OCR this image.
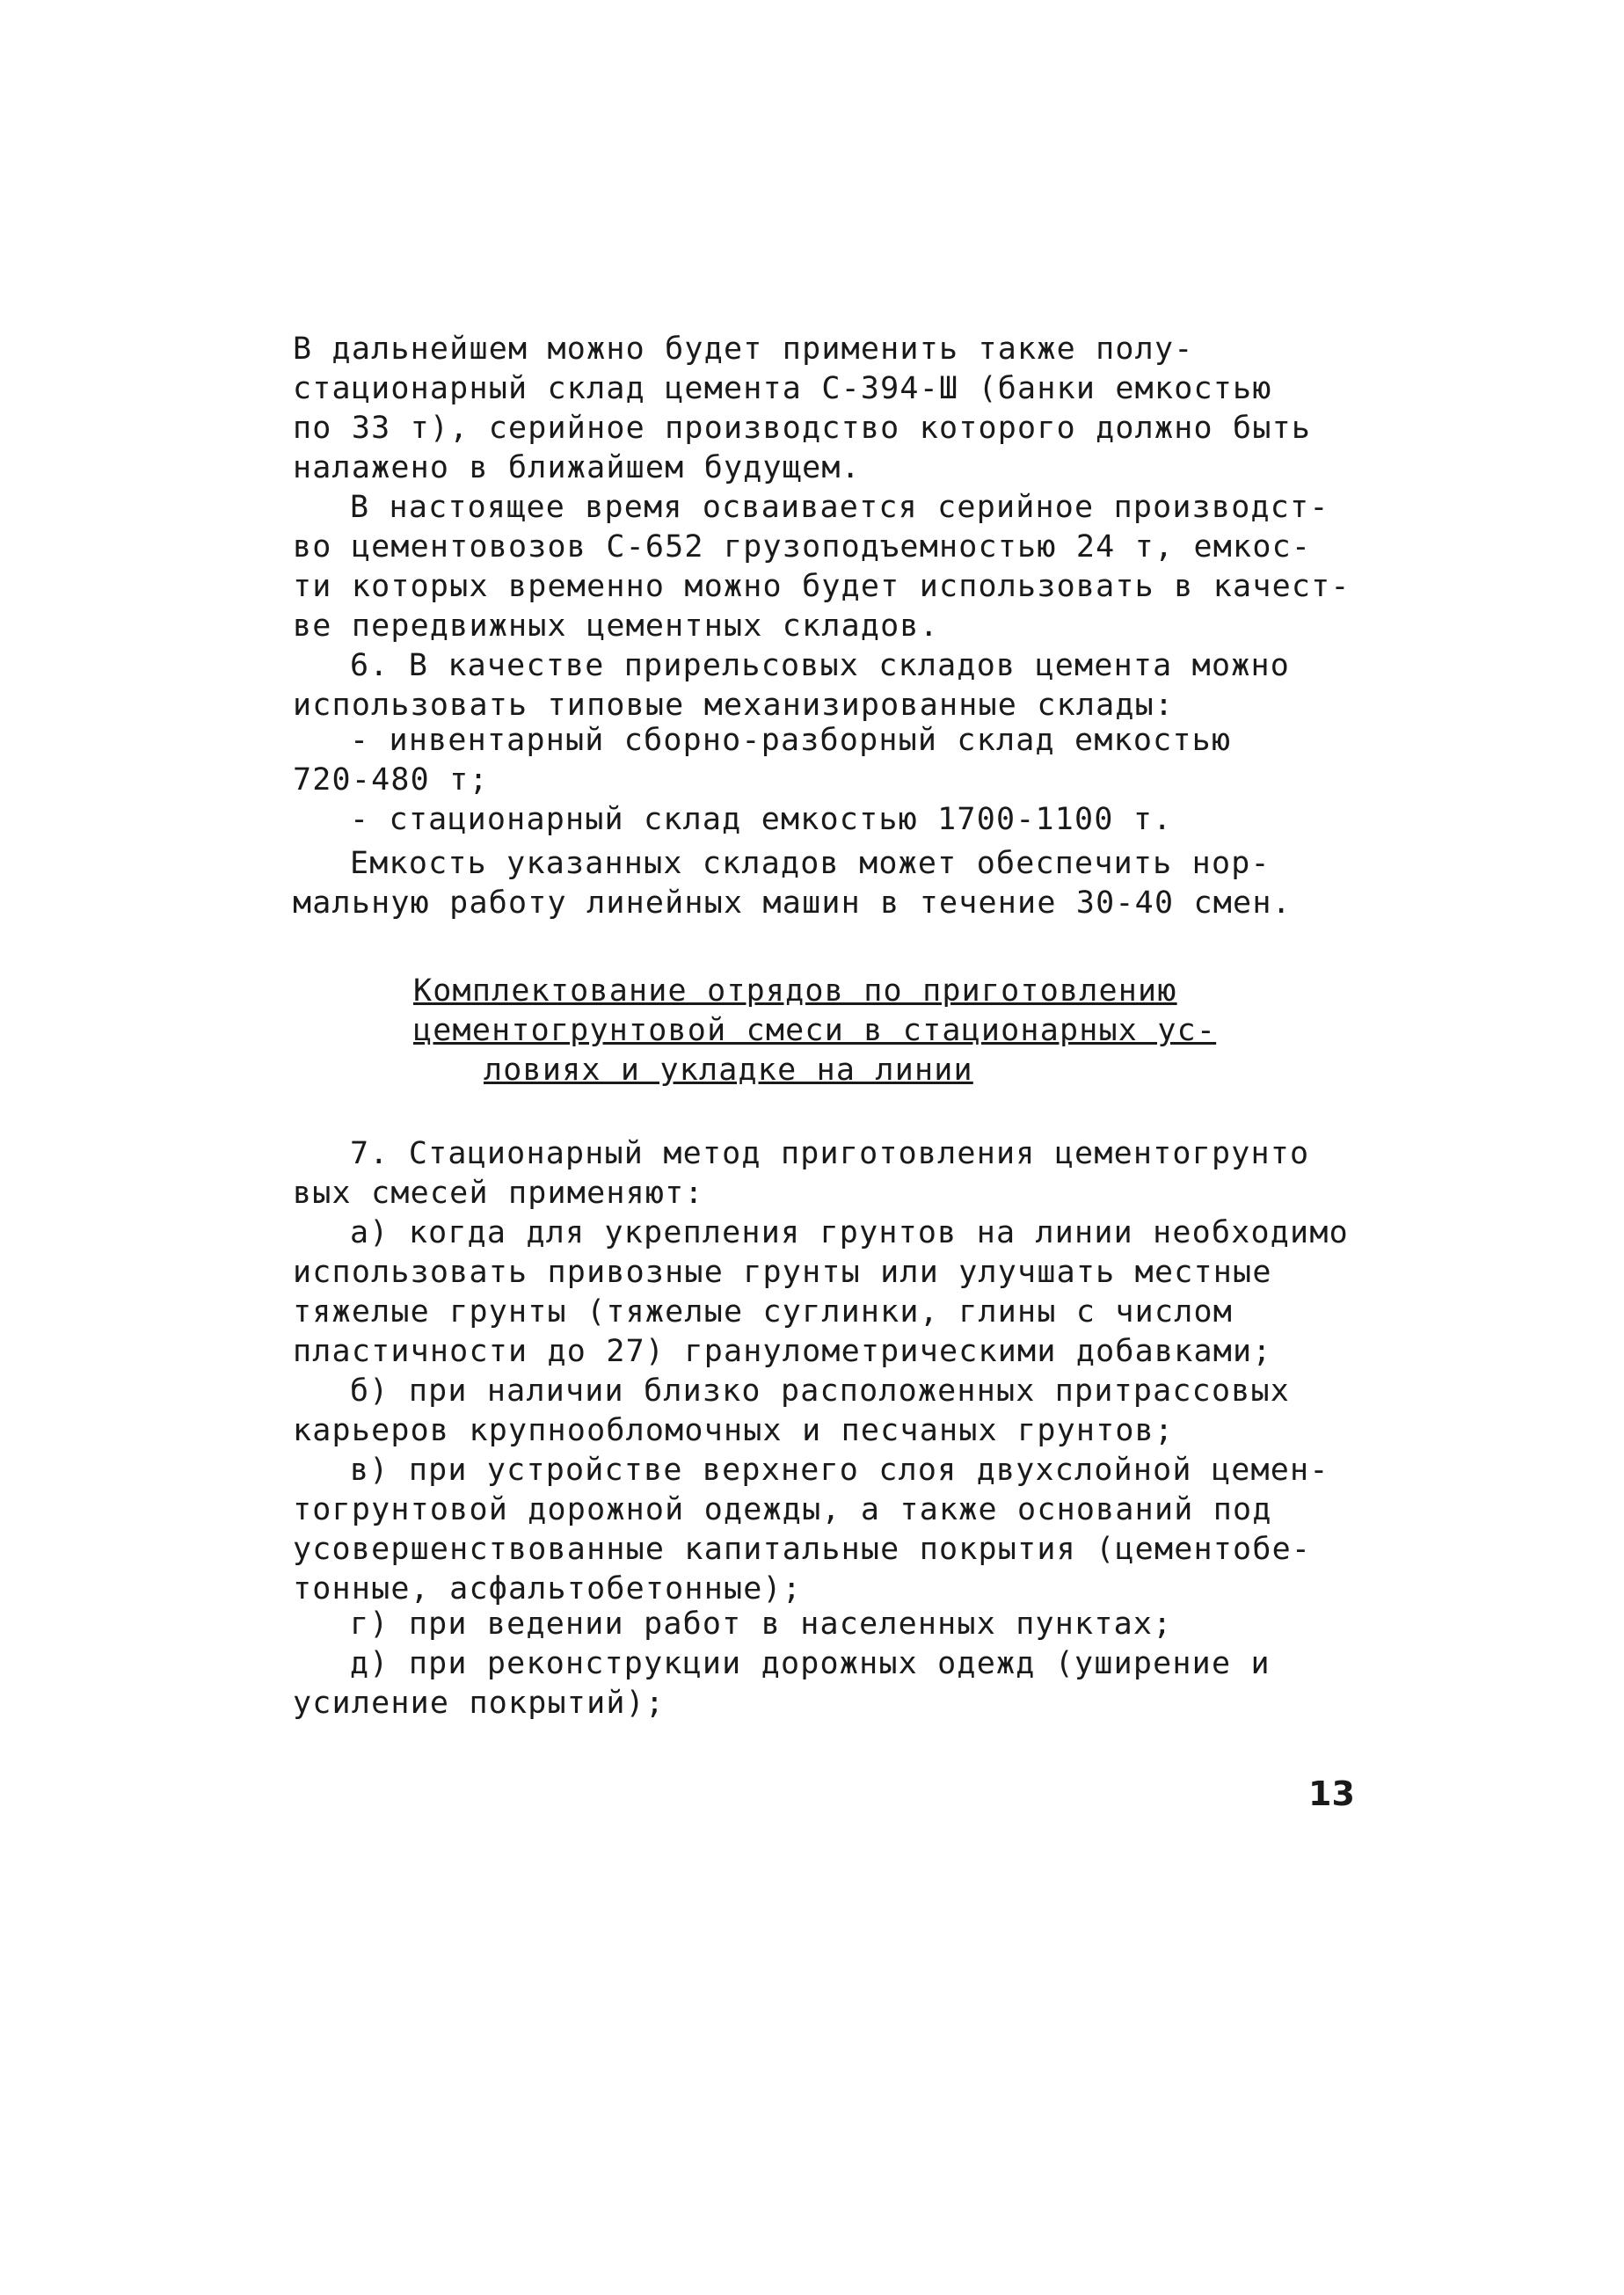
В дальнейшем можно будет применить также полу-
стационарный склад цемента С-394-Ш (банки емкостью
по 33 т), серийное производство которого должно быть
налажено в ближайшем будущем.
В настоящее время осваивается серийное производст-
во цементовозов С-652 грузоподъемностью 24 т, емкос-
ти которых временно можно будет использовать в качест-
ве передвижных цементных складов.
6. В качестве прирельсовых складов цемента можно
использовать типовые механизированные склады:
- инвентарный сборно-разборный склад емкостью
720-480 т;
- стационарный склад емкостью 1700-1100 т.
Емкость указанных складов может обеспечить нор-
мальную работу линейных машин в течение 30-40 смен.
Комплектование отрядов по приготовлению
цементогрунтовой смеси в стационарных ус-
ловиях и укладке на линии
7. Стационарный метод приготовления цементогрунто
вых смесей применяют:
а) когда для укрепления грунтов на линии необходимо
использовать привозные грунты или улучшать местные
тяжелые грунты (тяжелые суглинки, глины с числом
пластичности до 27) гранулометрическими добавками;
б) при наличии близко расположенных притрассовых
карьеров крупнообломочных и песчаных грунтов;
в) при устройстве верхнего слоя двухслойной цемен-
тогрунтовой дорожной одежды, а также оснований под
усовершенствованные капитальные покрытия (цементобе-
тонные, асфальтобетонные);
г) при ведении работ в населенных пунктах;
д) при реконструкции дорожных одежд (уширение и
усиление покрытий);
13
